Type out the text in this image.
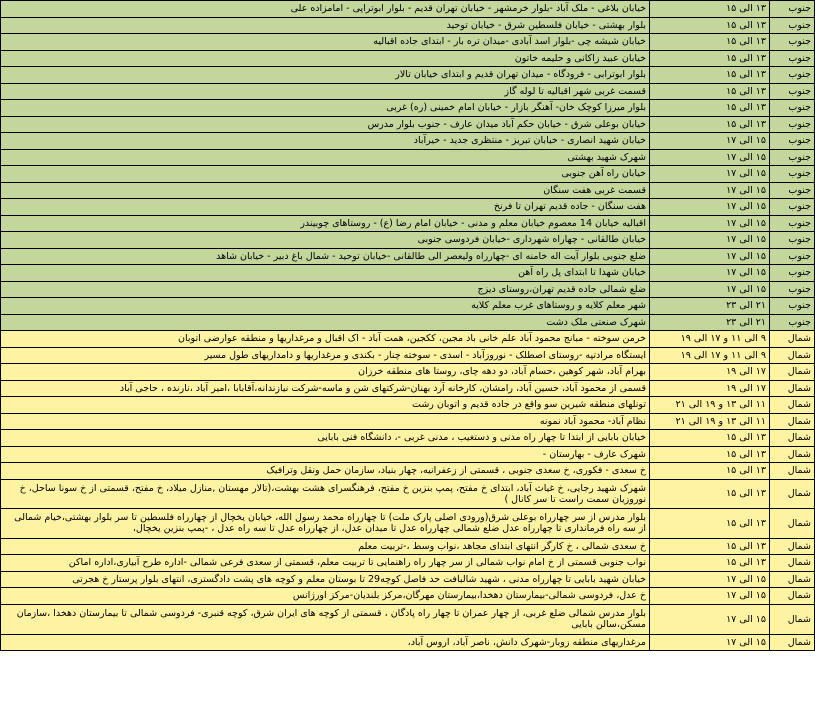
جنوب	۱۳ الی ۱۵	خیابان بلاغی - ملک آباد -بلوار خرمشهر - خیابان تهران قدیم - بلوار ابوتراپی - امامزاده علی
جنوب	۱۳ الی ۱۵	بلوار بهشتی - خیابان فلسطین شرق - خیابان توحید
جنوب	۱۳ الی ۱۵	خیابان شیشه چی -بلوار اسد آبادی -میدان تره بار - ابتدای جاده اقبالیه
جنوب	۱۳ الی ۱۵	خیابان عبید زاکانی و حلیمه خاتون
جنوب	۱۳ الی ۱۵	بلوار ابوترابی - فرودگاه - میدان تهران قدیم و ابتدای خیابان تالار
جنوب	۱۳ الی ۱۵	قسمت غربی شهر اقبالیه تا لوله گاز
جنوب	۱۳ الی ۱۵	بلوار میرزا کوچک خان- آهنگر بازار - خیابان امام خمینی (ره) غربی
جنوب	۱۳ الی ۱۵	خیابان بوعلی شرق - خیابان حکم آباد میدان عارف - جنوب بلوار مدرس
جنوب	۱۵ الی ۱۷	خیابان شهید انصاری - خیابان تبریز - منتظری جدید - خیرآباد
جنوب	۱۵ الی ۱۷	شهرک شهید بهشتی
جنوب	۱۵ الی ۱۷	خیابان راه آهن جنوبی
جنوب	۱۵ الی ۱۷	قسمت غربی هفت سنگان
جنوب	۱۵ الی ۱۷	هفت سنگان - جاده قدیم تهران تا فرنخ
جنوب	۱۵ الی ۱۷	اقبالیه خیابان 14 معصوم خیابان معلم و مدنی - خیابان امام رضا (ع) - روستاهای چوبیندر
جنوب	۱۵ الی ۱۷	خیابان طالقانی - چهاراه شهرداری -خیابان فردوسی جنوبی
جنوب	۱۵ الی ۱۷	ضلع جنوبی بلوار آیت اله خامنه ای -چهارراه ولیعصر الی طالقانی -خیابان توحید - شمال باغ دبیر - خیابان شاهد
جنوب	۱۵ الی ۱۷	خیابان شهدا تا ابتدای پل راه آهن
جنوب	۱۵ الی ۱۷	ضلع شمالی جاده قدیم تهران،روستای دیزج
جنوب	۲۱ الی ۲۳	شهر معلم کلایه و روستاهای غرب معلم کلایه
جنوب	۲۱ الی ۲۳	شهرک صنعتی ملک دشت
شمال	۹ الی ۱۱ و ۱۷ الی ۱۹	خرمن سوخته - مبانج محمود آباد علم خانی باد مجین، ککجین، همت آباد - اک اقبال و مرغداریها و منطقه عوارضی اتوبان
شمال	۹ الی ۱۱ و ۱۷ الی ۱۹	ایستگاه مرادتپه -روستای اصطلک - نوروزآباد - اسدی - سوخته چنار - بکندی و مرغداریها و دامداریهای طول مسیر
شمال	۱۷ الی ۱۹	بهرام آباد، شهر کوهین ،حسام آباد، دو دهه چای، روستا های منطقه خرزان
شمال	۱۷ الی ۱۹	قسمی از محمود آباد، حسین آباد، رامشان، کارخانه آرد بهنان-شرکتهای شن و ماسه-شرکت نیازندانه،آقابابا ،امیر آباد ،نارنده ، حاجی آباد
شمال	۱۱ الی ۱۳ و ۱۹ الی ۲۱	تونلهای منطقه شیرین سو واقع در جاده قدیم و اتوبان رشت
شمال	۱۱ الی ۱۳ و ۱۹ الی ۲۱	نظام آباد- محمود آباد نمونه
شمال	۱۳ الی ۱۵	خیابان بابایی از ابتدا تا چهار راه مدنی و دستغیب ، مدنی غربی -، دانشگاه فنی بابایی
شمال	۱۳ الی ۱۵	شهرک عارف - بهارستان -
شمال	۱۳ الی ۱۵	خ سعدی - فکوری، خ سعدی جنوبی ، قسمتی از زعفرانیه، چهار بنیاد، سازمان حمل ونقل وترافیک
شمال	۱۳ الی ۱۵	شهرک شهید رجایی، خ غیاث آباد، ابتدای خ مفتح، پمپ بنزین خ مفتح، فرهنگسرای هشت بهشت،(تالار مهستان ,منازل میلاد، خ مفتح، قسمتی از خ سونا ساحل، خ نوروزیان سمت راست تا سر کانال )
شمال	۱۳ الی ۱۵	بلوار مدرس از سر چهارراه بوعلی شرق(ورودی اصلی پارک ملت) تا چهارراه محمد رسول الله، خیابان یخچال از چهارراه فلسطین تا سر بلوار بهشتی،خیام شمالی از سه راه فرمانداری تا چهارراه عدل ضلع شمالی چهارراه عدل تا میدان عدل، از چهارراه عدل تا سه راه عدل ، -پمپ بنزین یخچال،
شمال	۱۳ الی ۱۵	خ سعدی شمالی ، خ کارگر انتهای ابتدای مجاهد ،نواب وسط ،-تربیت معلم
شمال	۱۳ الی ۱۵	نواب جنوبی قسمتی از خ امام نواب شمالی از سر چهار راه راهنمایی تا تربیت معلم، قسمتی از سعدی فرعی شمالی -اداره طرح آبیاری،اداره اماکن
شمال	۱۵ الی ۱۷	خیابان شهید بابایی تا چهارراه مدنی ، شهید شالبافت حد فاصل کوچه29 تا بوستان معلم و کوچه های پشت دادگستری، انتهای بلوار پرستار خ هجرتی
شمال	۱۵ الی ۱۷	خ عدل، فردوسی شمالی-بیمارستان دهخدا،بیمارستان مهرگان،مرکز بلندیان-مرکز اورژانس
شمال	۱۵ الی ۱۷	بلوار مدرس شمالی ضلع غربی، از چهار عمران تا چهار راه پادگان ، قسمتی از کوچه های ایران شرق، کوچه قنبری- فردوسی شمالی تا بیمارستان دهخدا ،سازمان مسکن،سالن بابایی
شمال	۱۵ الی ۱۷	مرغداریهای منطقه زوبار-شهرک دانش، ناصر آباد، اروس آباد،
